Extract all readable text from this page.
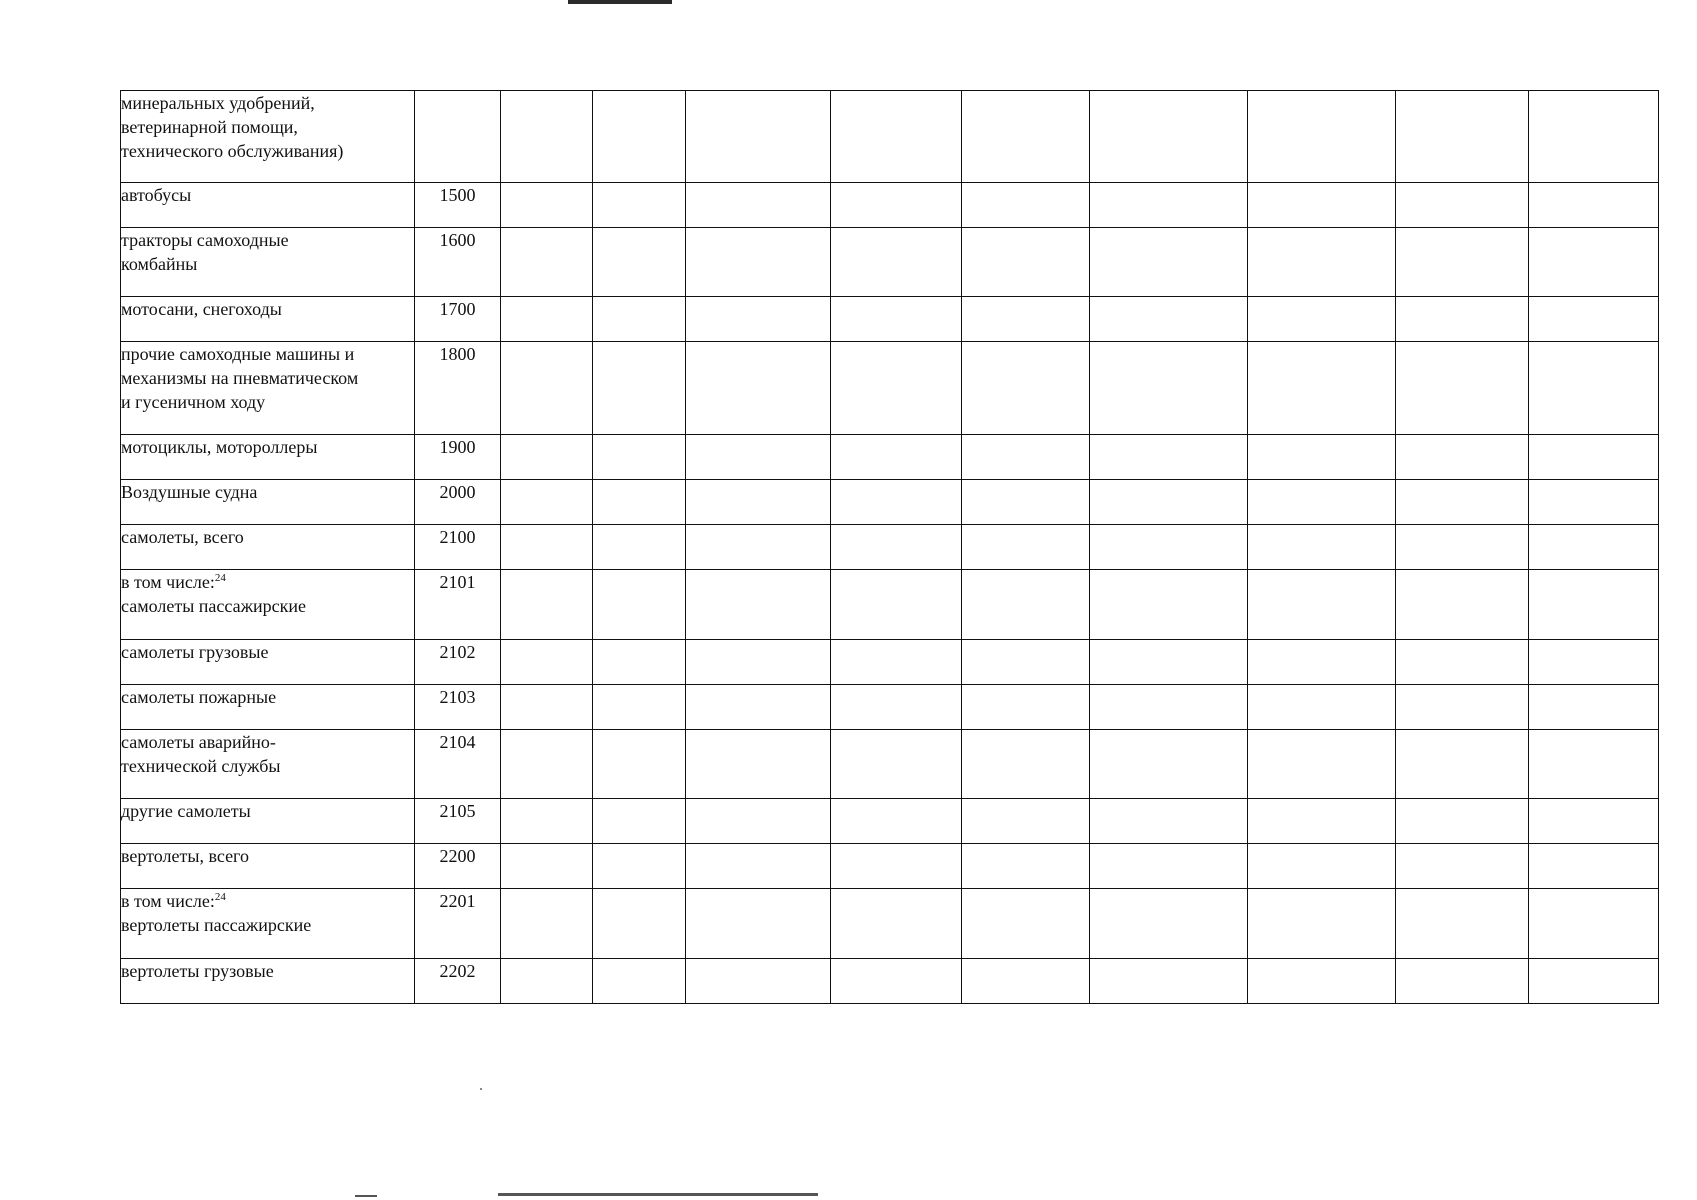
минеральных удобрений,
ветеринарной помощи,
технического обслуживания)										

автобусы	1500									

тракторы самоходные
комбайны	1600									

мотосани, снегоходы	1700									

прочие самоходные машины и
механизмы на пневматическом
и гусеничном ходу	1800									

мотоциклы, мотороллеры	1900									

Воздушные судна	2000									

самолеты, всего	2100									

в том числе:$^{24}$
самолеты пассажирские	2101									

самолеты грузовые	2102									

самолеты пожарные	2103									

самолеты аварийно-
технической службы	2104									

другие самолеты	2105									

вертолеты, всего	2200									

в том числе:$^{24}$
вертолеты пассажирские	2201									

вертолеты грузовые	2202									
